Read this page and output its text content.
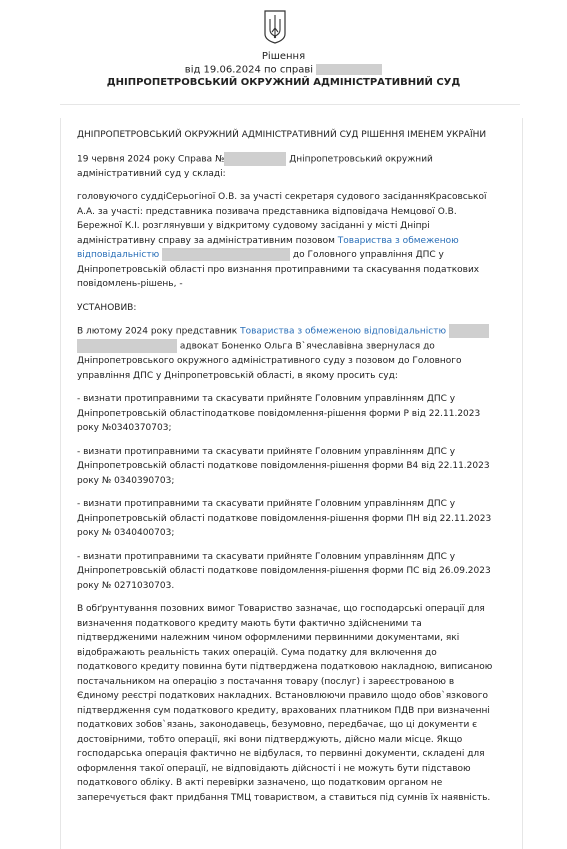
Рішення
від 19.06.2024 по справі
ДНІПРОПЕТРОВСЬКИЙ ОКРУЖНИЙ АДМІНІСТРАТИВНИЙ СУД

ДНІПРОПЕТРОВСЬКИЙ ОКРУЖНИЙ АДМІНІСТРАТИВНИЙ СУД РІШЕННЯ ІМЕНЕМ УКРАЇНИ

19 червня 2024 року Справа №	Дніпропетровський окружний адміністративний суд у складі:

головуючого суддіСерьогіної О.В. за участі секретаря судового засіданняКрасовської А.А. за участі: представника позивача представника відповідача Немцової О.В. Бережної К.І. розглянувши у відкритому судовому засіданні у місті Дніпрі адміністративну справу за адміністративним позовом Товариства з обмеженою відповідальністю	до Головного управління ДПС у Дніпропетровській області про визнання протиправними та скасування податкових повідомлень-рішень, -

УСТАНОВИВ:

В лютому 2024 року представник Товариства з обмеженою відповідальністю   адвокат Боненко Ольга В`ячеславівна звернулася до Дніпропетровського окружного адміністративного суду з позовом до Головного управління ДПС у Дніпропетровській області, в якому просить суд:

- визнати протиправними та скасувати прийняте Головним управлінням ДПС у Дніпропетровській областіподаткове повідомлення-рішення форми Р від 22.11.2023 року №0340370703;

- визнати протиправними та скасувати прийняте Головним управлінням ДПС у Дніпропетровській області податкове повідомлення-рішення форми В4 від 22.11.2023 року № 0340390703;

- визнати протиправними та скасувати прийняте Головним управлінням ДПС у Дніпропетровській області податкове повідомлення-рішення форми ПН від 22.11.2023 року № 0340400703;

- визнати протиправними та скасувати прийняте Головним управлінням ДПС у Дніпропетровській області податкове повідомлення-рішення форми ПС від 26.09.2023 року № 0271030703.

В обґрунтування позовних вимог Товариство зазначає, що господарські операції для визначення податкового кредиту мають бути фактично здійсненими та підтвердженими належним чином оформленими первинними документами, які відображають реальність таких операцій. Сума податку для включення до податкового кредиту повинна бути підтверджена податковою накладною, виписаною постачальником на операцію з постачання товару (послуг) і зареєстрованою в Єдиному реєстрі податкових накладних. Встановлюючи правило щодо обов`язкового підтвердження сум податкового кредиту, врахованих платником ПДВ при визначенні податкових зобов`язань, законодавець, безумовно, передбачає, що ці документи є достовірними, тобто операції, які вони підтверджують, дійсно мали місце. Якщо господарська операція фактично не відбулася, то первинні документи, складені для оформлення такої операції, не відповідають дійсності і не можуть бути підставою податкового обліку. В акті перевірки зазначено, що податковим органом не заперечується факт придбання ТМЦ товариством, а ставиться під сумнів їх наявність.
